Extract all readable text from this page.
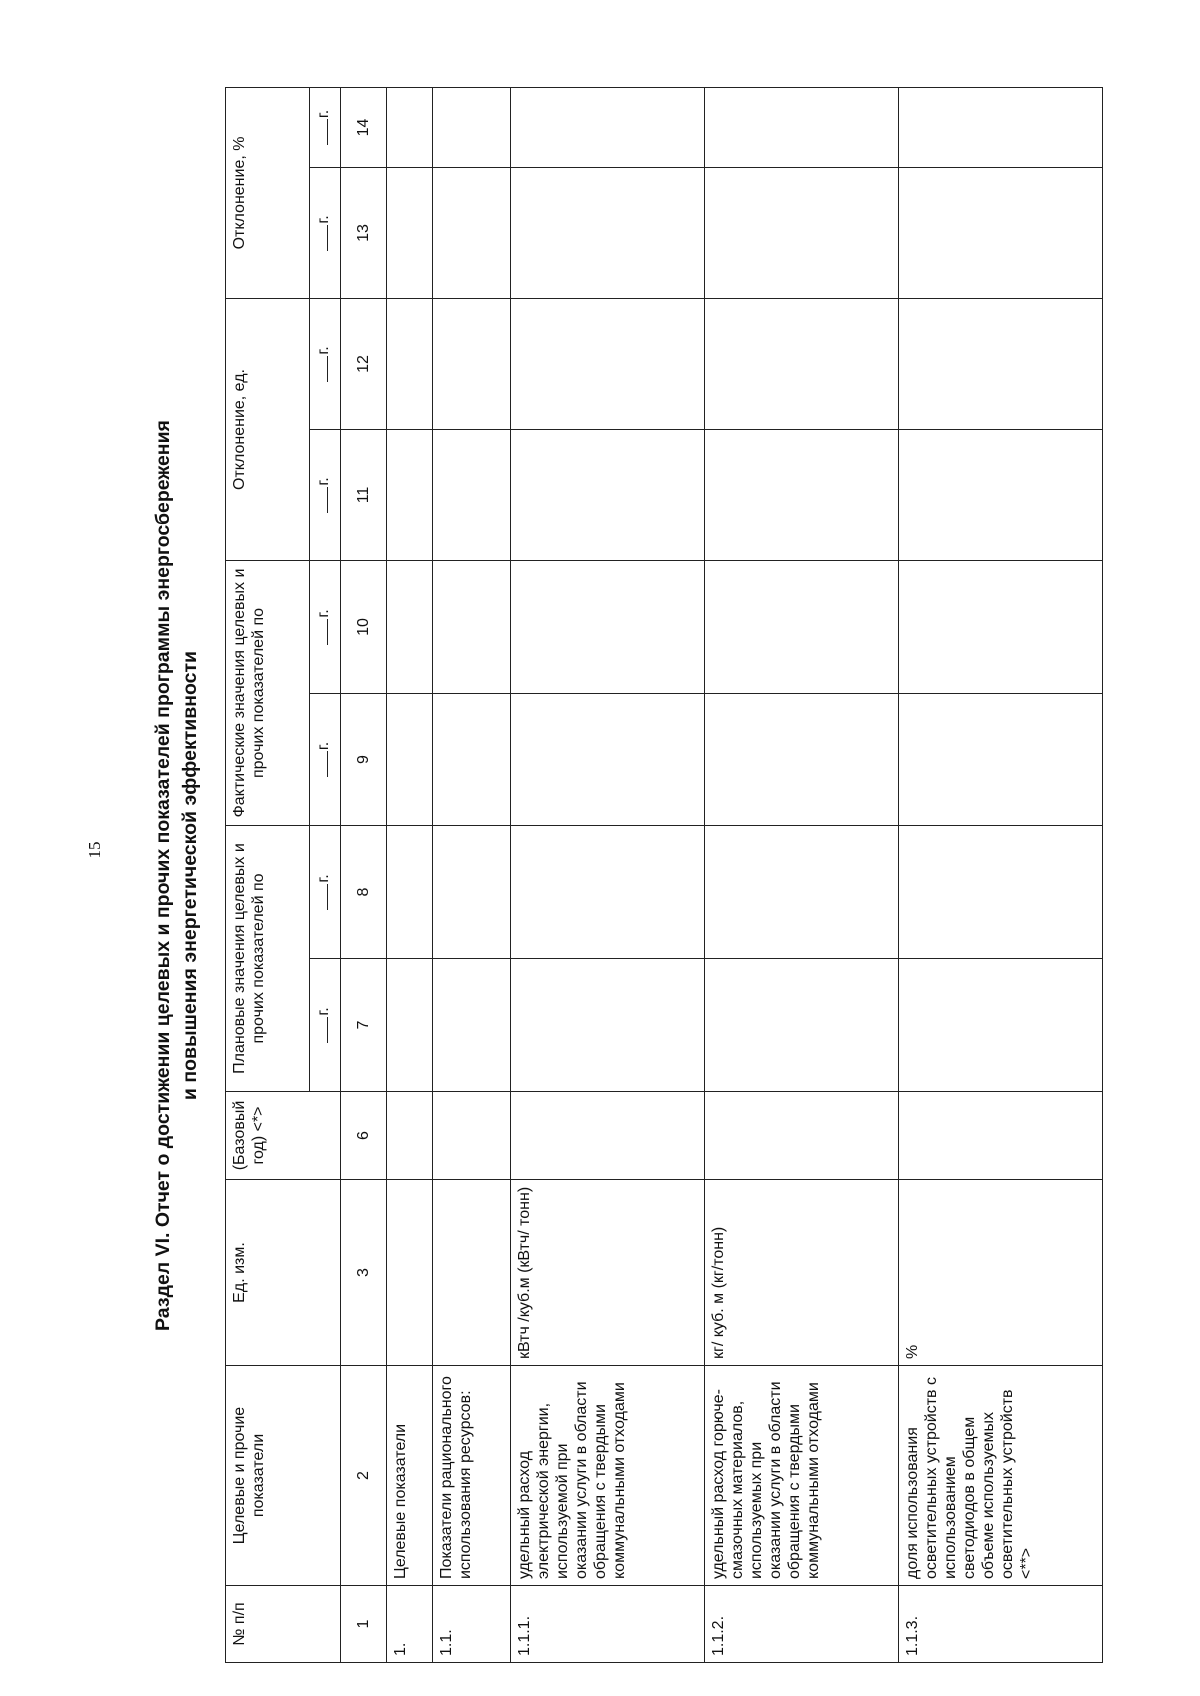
15 Раздел VI. Отчет о достижении целевых и прочих показателей программы энергосбережения и повышения энергетической эффективности
№ п/п	Целевые и прочие показатели	Ед. изм.	(Базовый год) <*>	Плановые значения целевых и прочих показателей по		Фактические значения целевых и прочих показателей по		Отклонение, ед.		Отклонение, %	
				г.	г.	г.	г.	г.	г.	г.	г.
1	2	3	6	7	8	9	10	11	12	13	14
1.	Целевые показатели										
1.1.	Показатели рационального использования ресурсов:										
1.1.1.	удельный расход электрической энергии, используемой при оказании услуги в области обращения с твердыми коммунальными отходами	кВтч /куб.м (кВтч/ тонн)									
1.1.2.	удельный расход горюче-смазочных материалов, используемых при оказании услуги в области обращения с твердыми коммунальными отходами	кг/ куб. м (кг/тонн)									
1.1.3.	доля использования осветительных устройств с использованием светодиодов в общем объеме используемых осветительных устройств <**>	%									
